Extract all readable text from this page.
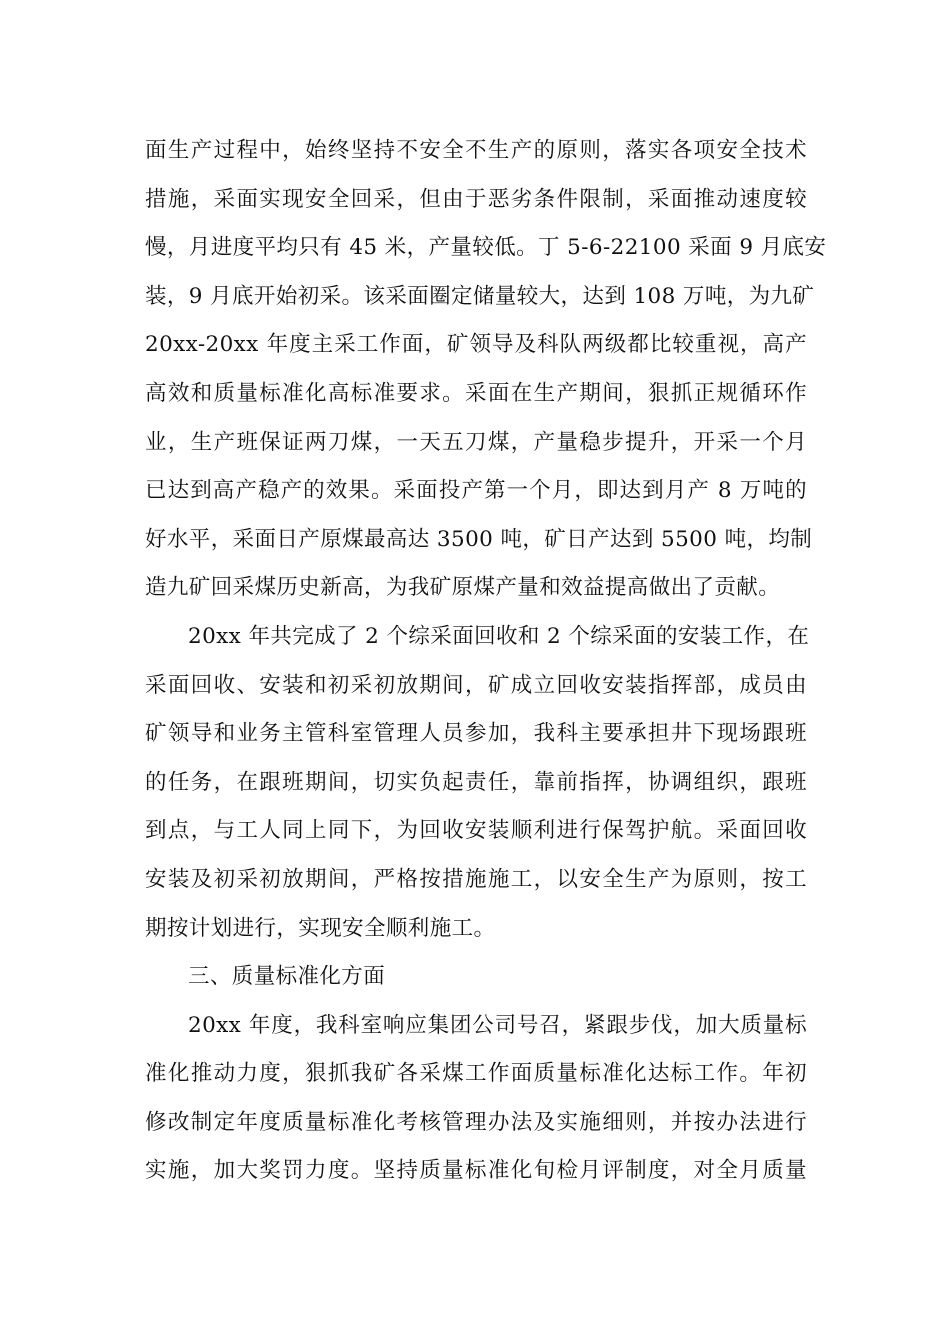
面生产过程中，始终坚持不安全不生产的原则，落实各项安全技术
措施，采面实现安全回采，但由于恶劣条件限制，采面推动速度较
慢，月进度平均只有 45 米，产量较低。丁 5-6-22100 采面 9 月底安
装，9 月底开始初采。该采面圈定储量较大，达到 108 万吨，为九矿
20xx-20xx 年度主采工作面，矿领导及科队两级都比较重视，高产
高效和质量标准化高标准要求。采面在生产期间，狠抓正规循环作
业，生产班保证两刀煤，一天五刀煤，产量稳步提升，开采一个月
已达到高产稳产的效果。采面投产第一个月，即达到月产 8 万吨的
好水平，采面日产原煤最高达 3500 吨，矿日产达到 5500 吨，均制
造九矿回采煤历史新高，为我矿原煤产量和效益提高做出了贡献。
20xx 年共完成了 2 个综采面回收和 2 个综采面的安装工作，在
采面回收、安装和初采初放期间，矿成立回收安装指挥部，成员由
矿领导和业务主管科室管理人员参加，我科主要承担井下现场跟班
的任务，在跟班期间，切实负起责任，靠前指挥，协调组织，跟班
到点，与工人同上同下，为回收安装顺利进行保驾护航。采面回收
安装及初采初放期间，严格按措施施工，以安全生产为原则，按工
期按计划进行，实现安全顺利施工。
三、质量标准化方面
20xx 年度，我科室响应集团公司号召，紧跟步伐，加大质量标
准化推动力度，狠抓我矿各采煤工作面质量标准化达标工作。年初
修改制定年度质量标准化考核管理办法及实施细则，并按办法进行
实施，加大奖罚力度。坚持质量标准化旬检月评制度，对全月质量
